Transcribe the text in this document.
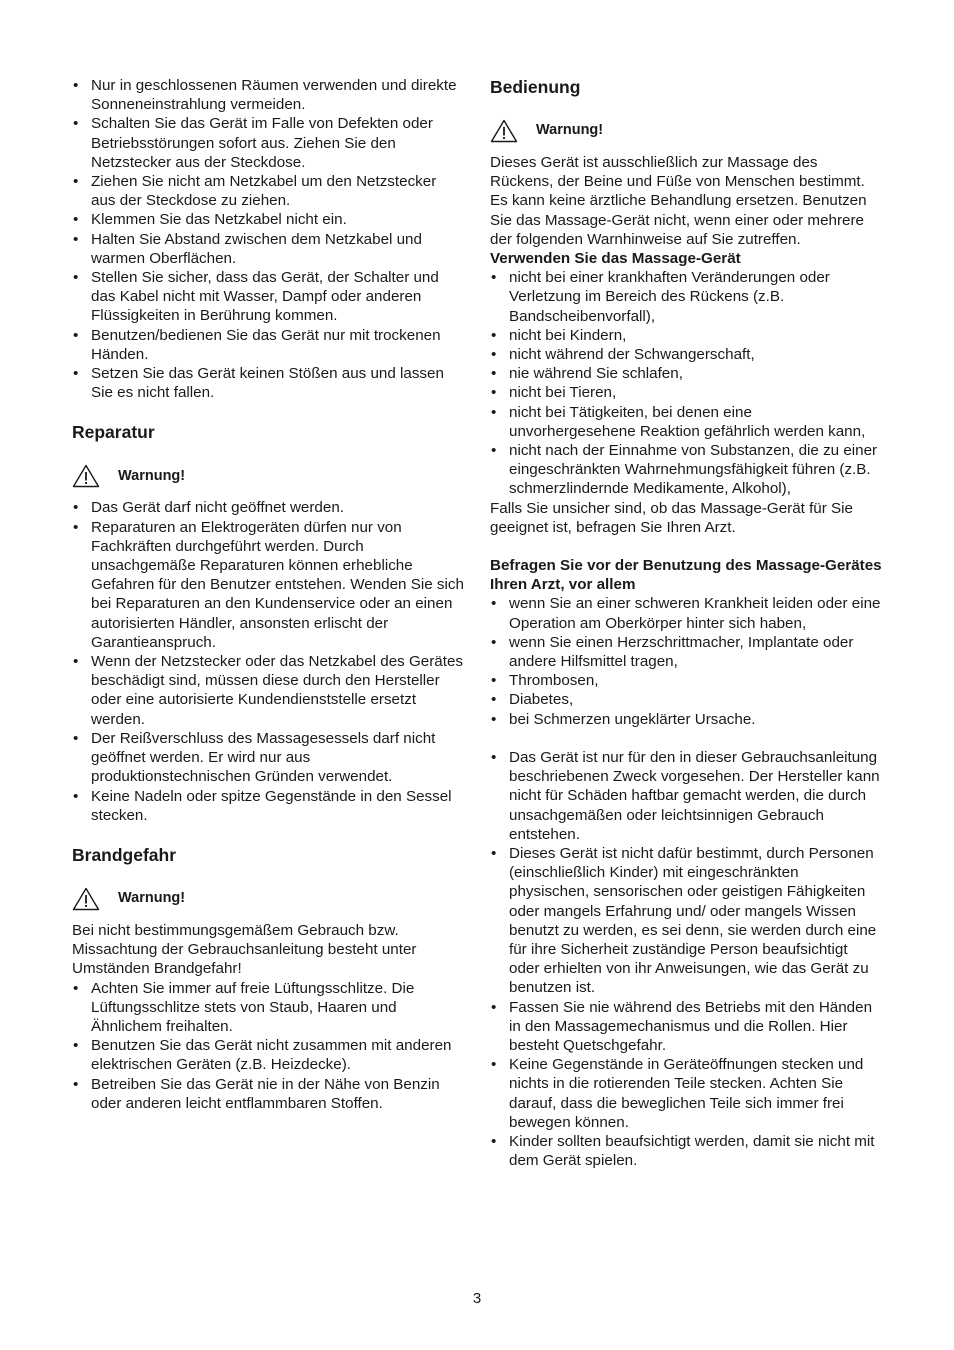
• Nur in geschlossenen Räumen verwenden und direkte Sonneneinstrahlung vermeiden.
• Schalten Sie das Gerät im Falle von Defekten oder Betriebsstörungen sofort aus. Ziehen Sie den Netzstecker aus der Steckdose.
• Ziehen Sie nicht am Netzkabel um den Netzstecker aus der Steckdose zu ziehen.
• Klemmen Sie das Netzkabel nicht ein.
• Halten Sie Abstand zwischen dem Netzkabel und warmen Oberflächen.
• Stellen Sie sicher, dass das Gerät, der Schalter und das Kabel nicht mit Wasser, Dampf oder anderen Flüssigkeiten in Berührung kommen.
• Benutzen/bedienen Sie das Gerät nur mit trockenen Händen.
• Setzen Sie das Gerät keinen Stößen aus und lassen Sie es nicht fallen.
Reparatur
Warnung!
• Das Gerät darf nicht geöffnet werden.
• Reparaturen an Elektrogeräten dürfen nur von Fachkräften durchgeführt werden. Durch unsachgemäße Reparaturen können erhebliche Gefahren für den Benutzer entstehen. Wenden Sie sich bei Reparaturen an den Kundenservice oder an einen autorisierten Händler, ansonsten erlischt der Garantieanspruch.
• Wenn der Netzstecker oder das Netzkabel des Gerätes beschädigt sind, müssen diese durch den Hersteller oder eine autorisierte Kundendienststelle ersetzt werden.
• Der Reißverschluss des Massagesessels darf nicht geöffnet werden. Er wird nur aus produktionstechnischen Gründen verwendet.
• Keine Nadeln oder spitze Gegenstände in den Sessel stecken.
Brandgefahr
Warnung!

Bei nicht bestimmungsgemäßem Gebrauch bzw. Missachtung der Gebrauchsanleitung besteht unter Umständen Brandgefahr!

• Achten Sie immer auf freie Lüftungsschlitze. Die Lüftungsschlitze stets von Staub, Haaren und Ähnlichem freihalten.
• Benutzen Sie das Gerät nicht zusammen mit anderen elektrischen Geräten (z.B. Heizdecke).
• Betreiben Sie das Gerät nie in der Nähe von Benzin oder anderen leicht entflammbaren Stoffen.
Bedienung
Warnung!

Dieses Gerät ist ausschließlich zur Massage des Rückens, der Beine und Füße von Menschen bestimmt. Es kann keine ärztliche Behandlung ersetzen. Benutzen Sie das Massage-Gerät nicht, wenn einer oder mehrere der folgenden Warnhinweise auf Sie zutreffen.

Verwenden Sie das Massage-Gerät

• nicht bei einer krankhaften Veränderungen oder Verletzung im Bereich des Rückens (z.B. Bandscheibenvorfall),
• nicht bei Kindern,
• nicht während der Schwangerschaft,
• nie während Sie schlafen,
• nicht bei Tieren,
• nicht bei Tätigkeiten, bei denen eine unvorhergesehene Reaktion gefährlich werden kann,
• nicht nach der Einnahme von Substanzen, die zu einer eingeschränkten Wahrnehmungsfähigkeit führen (z.B. schmerzlindernde Medikamente, Alkohol),

Falls Sie unsicher sind, ob das Massage-Gerät für Sie geeignet ist, befragen Sie Ihren Arzt.

Befragen Sie vor der Benutzung des Massage-Gerätes Ihren Arzt, vor allem

• wenn Sie an einer schweren Krankheit leiden oder eine Operation am Oberkörper hinter sich haben,
• wenn Sie einen Herzschrittmacher, Implantate oder andere Hilfsmittel tragen,
• Thrombosen,
• Diabetes,
• bei Schmerzen ungeklärter Ursache.
• Das Gerät ist nur für den in dieser Gebrauchsanleitung beschriebenen Zweck vorgesehen. Der Hersteller kann nicht für Schäden haftbar gemacht werden, die durch unsachgemäßen oder leichtsinnigen Gebrauch entstehen.
• Dieses Gerät ist nicht dafür bestimmt, durch Personen (einschließlich Kinder) mit eingeschränkten physischen, sensorischen oder geistigen Fähigkeiten oder mangels Erfahrung und/ oder mangels Wissen benutzt zu werden, es sei denn, sie werden durch eine für ihre Sicherheit zuständige Person beaufsichtigt oder erhielten von ihr Anweisungen, wie das Gerät zu benutzen ist.
• Fassen Sie nie während des Betriebs mit den Händen in den Massagemechanismus und die Rollen. Hier besteht Quetschgefahr.
• Keine Gegenstände in Geräteöffnungen stecken und nichts in die rotierenden Teile stecken. Achten Sie darauf, dass die beweglichen Teile sich immer frei bewegen können.
• Kinder sollten beaufsichtigt werden, damit sie nicht mit dem Gerät spielen.
3
